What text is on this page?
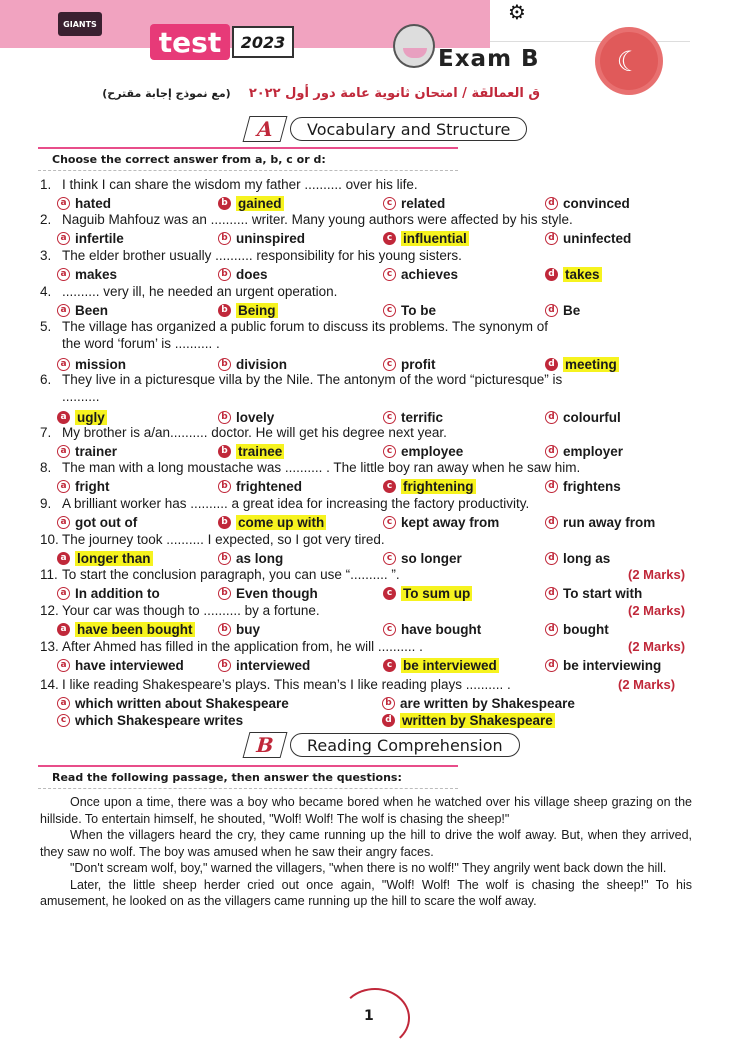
GIANTS
test	2023
Exam B
⚙
☾
ق العمالقة / امتحان ثانوية عامة دور أول ٢٠٢٢    (مع نموذج إجابة مقترح)
A	Vocabulary and Structure
Choose the correct answer from a, b, c or d:
1. I think I can share the wisdom my father .......... over his life.
a hated	b gained	c related	d convinced
2. Naguib Mahfouz was an .......... writer. Many young authors were affected by his style.
a infertile	b uninspired	c influential	d uninfected
3. The elder brother usually .......... responsibility for his young sisters.
a makes	b does	c achieves	d takes
4. .......... very ill, he needed an urgent operation.
a Been	b Being	c To be	d Be
5. The village has organized a public forum to discuss its problems. The synonym of
the word ‘forum’ is .......... .
a mission	b division	c profit	d meeting
6. They live in a picturesque villa by the Nile. The antonym of the word “picturesque” is
..........
a ugly	b lovely	c terrific	d colourful
7. My brother is a/an.......... doctor. He will get his degree next year.
a trainer	b trainee	c employee	d employer
8. The man with a long moustache was .......... . The little boy ran away when he saw him.
a fright	b frightened	c frightening	d frightens
9. A brilliant worker has .......... a great idea for increasing the factory productivity.
a got out of	b come up with	c kept away from	d run away from
10. The journey took .......... I expected, so I got very tired.
a longer than	b as long	c so longer	d long as
11. To start the conclusion paragraph, you can use “.......... ”.	(2 Marks)
a In addition to	b Even though	c To sum up	d To start with
12. Your car was though to .......... by a fortune.	(2 Marks)
a have been bought	b buy	c have bought	d bought
13. After Ahmed has filled in the application from, he will .......... .	(2 Marks)
a have interviewed	b interviewed	c be interviewed	d be interviewing
14. I like reading Shakespeare’s plays. This mean’s I like reading plays .......... .	(2 Marks)
a which written about Shakespeare	b are written by Shakespeare
c which Shakespeare writes	d written by Shakespeare
B	Reading Comprehension
Read the following passage, then answer the questions:

Once upon a time, there was a boy who became bored when he watched over his village sheep grazing on the hillside. To entertain himself, he shouted, "Wolf! Wolf! The wolf is chasing the sheep!"

When the villagers heard the cry, they came running up the hill to drive the wolf away. But, when they arrived, they saw no wolf. The boy was amused when he saw their angry faces.

"Don't scream wolf, boy," warned the villagers, "when there is no wolf!" They angrily went back down the hill.

Later, the little sheep herder cried out once again, "Wolf! Wolf! The wolf is chasing the sheep!" To his amusement, he looked on as the villagers came running up the hill to scare the wolf away.

1
